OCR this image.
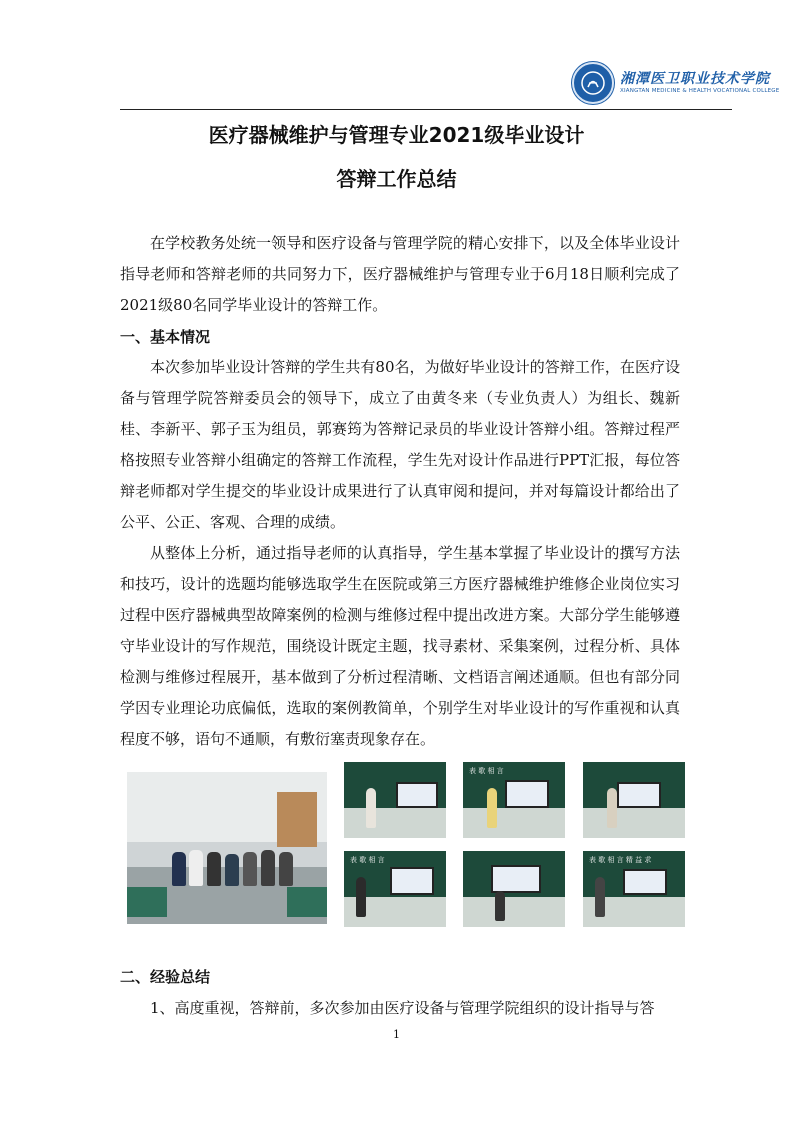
湘潭医卫职业技术学院
XIANGTAN MEDICINE & HEALTH VOCATIONAL COLLEGE
医疗器械维护与管理专业2021级毕业设计
答辩工作总结

在学校教务处统一领导和医疗设备与管理学院的精心安排下，以及全体毕业设计指导老师和答辩老师的共同努力下，医疗器械维护与管理专业于6月18日顺利完成了2021级80名同学毕业设计的答辩工作。

一、基本情况

本次参加毕业设计答辩的学生共有80名，为做好毕业设计的答辩工作，在医疗设备与管理学院答辩委员会的领导下，成立了由黄冬来（专业负责人）为组长、魏新桂、李新平、郭子玉为组员，郭赛筠为答辩记录员的毕业设计答辩小组。答辩过程严格按照专业答辩小组确定的答辩工作流程，学生先对设计作品进行PPT汇报，每位答辩老师都对学生提交的毕业设计成果进行了认真审阅和提问，并对每篇设计都给出了公平、公正、客观、合理的成绩。

从整体上分析，通过指导老师的认真指导，学生基本掌握了毕业设计的撰写方法和技巧，设计的选题均能够选取学生在医院或第三方医疗器械维护维修企业岗位实习过程中医疗器械典型故障案例的检测与维修过程中提出改进方案。大部分学生能够遵守毕业设计的写作规范，围绕设计既定主题，找寻素材、采集案例，过程分析、具体检测与维修过程展开，基本做到了分析过程清晰、文档语言阐述通顺。但也有部分同学因专业理论功底偏低，选取的案例教简单，个别学生对毕业设计的写作重视和认真程度不够，语句不通顺，有敷衍塞责现象存在。

表 歌 相 言
表 歌 相 言	表 歌 相 言 精 益 求

二、经验总结

1、高度重视，答辩前，多次参加由医疗设备与管理学院组织的设计指导与答

1
